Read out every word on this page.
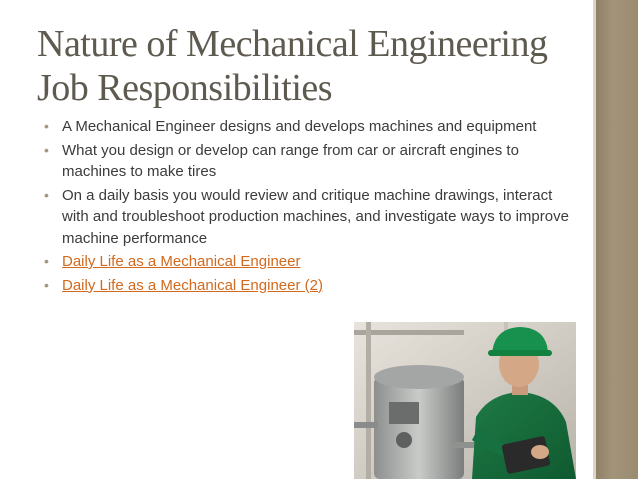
Nature of Mechanical Engineering
Job Responsibilities
• A Mechanical Engineer designs and develops machines and equipment
• What you design or develop can range from car or aircraft engines to machines to make tires
• On a daily basis you would review and critique machine drawings, interact with and troubleshoot production machines, and investigate ways to improve machine performance
• Daily Life as a Mechanical Engineer
• Daily Life as a Mechanical Engineer (2)
